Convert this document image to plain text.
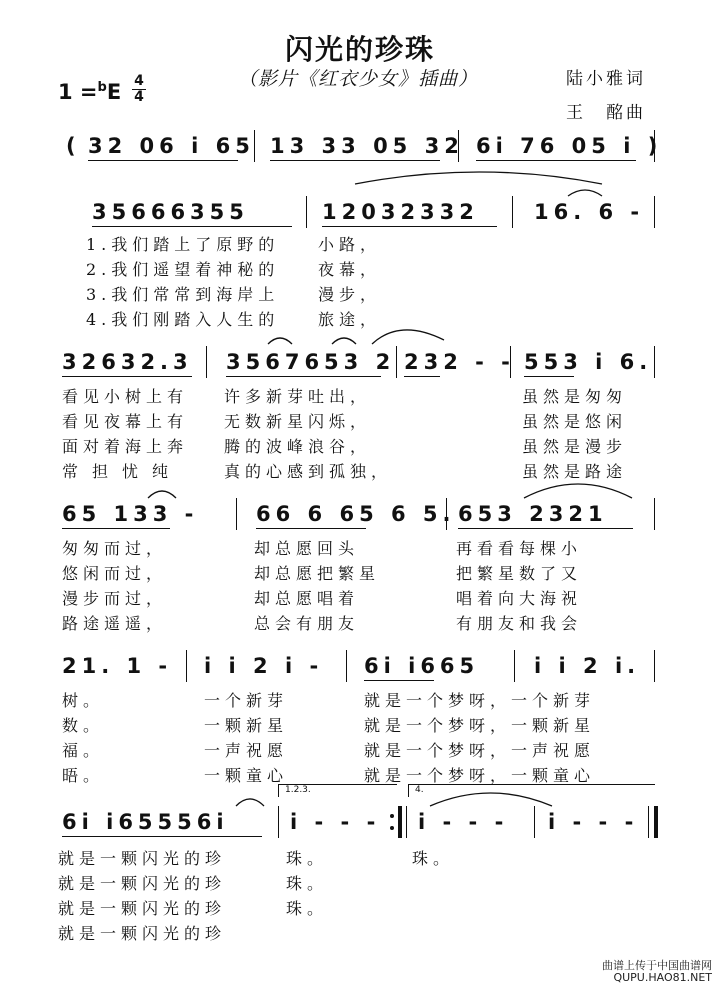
闪光的珍珠
（影片《红衣少女》插曲）	陆小雅词
王　酩曲
1 =$^b$E 4
4
( 32 06 i 65 13 33 05 32 6i 76 05 i )
35666355	12032332	16. 6 -
1.我们踏上了原野的 小路，
2.我们遥望着神秘的 夜幕，
3.我们常常到海岸上 漫步，
4.我们刚踏入人生的 旅途，
32632.3 3567653 2 232 - - 553 i 6.
看见小树上有 许多新芽吐出，	虽然是匆匆
看见夜幕上有 无数新星闪烁，	虽然是悠闲
面对着海上奔 腾的波峰浪谷，	虽然是漫步
常担忧纯	真的心感到孤独，	虽然是路途
65 133 -	66 6 65 6 5. 653 2321
匆匆而过，	却总愿回头	再看看每棵小
悠闲而过，	却总愿把繁星	把繁星数了又
漫步而过，	却总愿唱着	唱着向大海祝
路途遥遥，	总会有朋友	有朋友和我会
21. 1 - i i 2 i - 6i i665	i i 2 i.
树。	一个新芽	就是一个梦呀，一个新芽
数。	一颗新星	就是一个梦呀，一颗新星
福。	一声祝愿	就是一个梦呀，一声祝愿
晤。	一颗童心	就是一个梦呀，一颗童心
1.2.3.	4.
6i i65556i	i - - - i - - - i - - -
就是一颗闪光的珍	珠。	珠。
就是一颗闪光的珍	珠。
就是一颗闪光的珍	珠。
就是一颗闪光的珍
曲谱上传于中国曲谱网
QUPU.HAO81.NET
